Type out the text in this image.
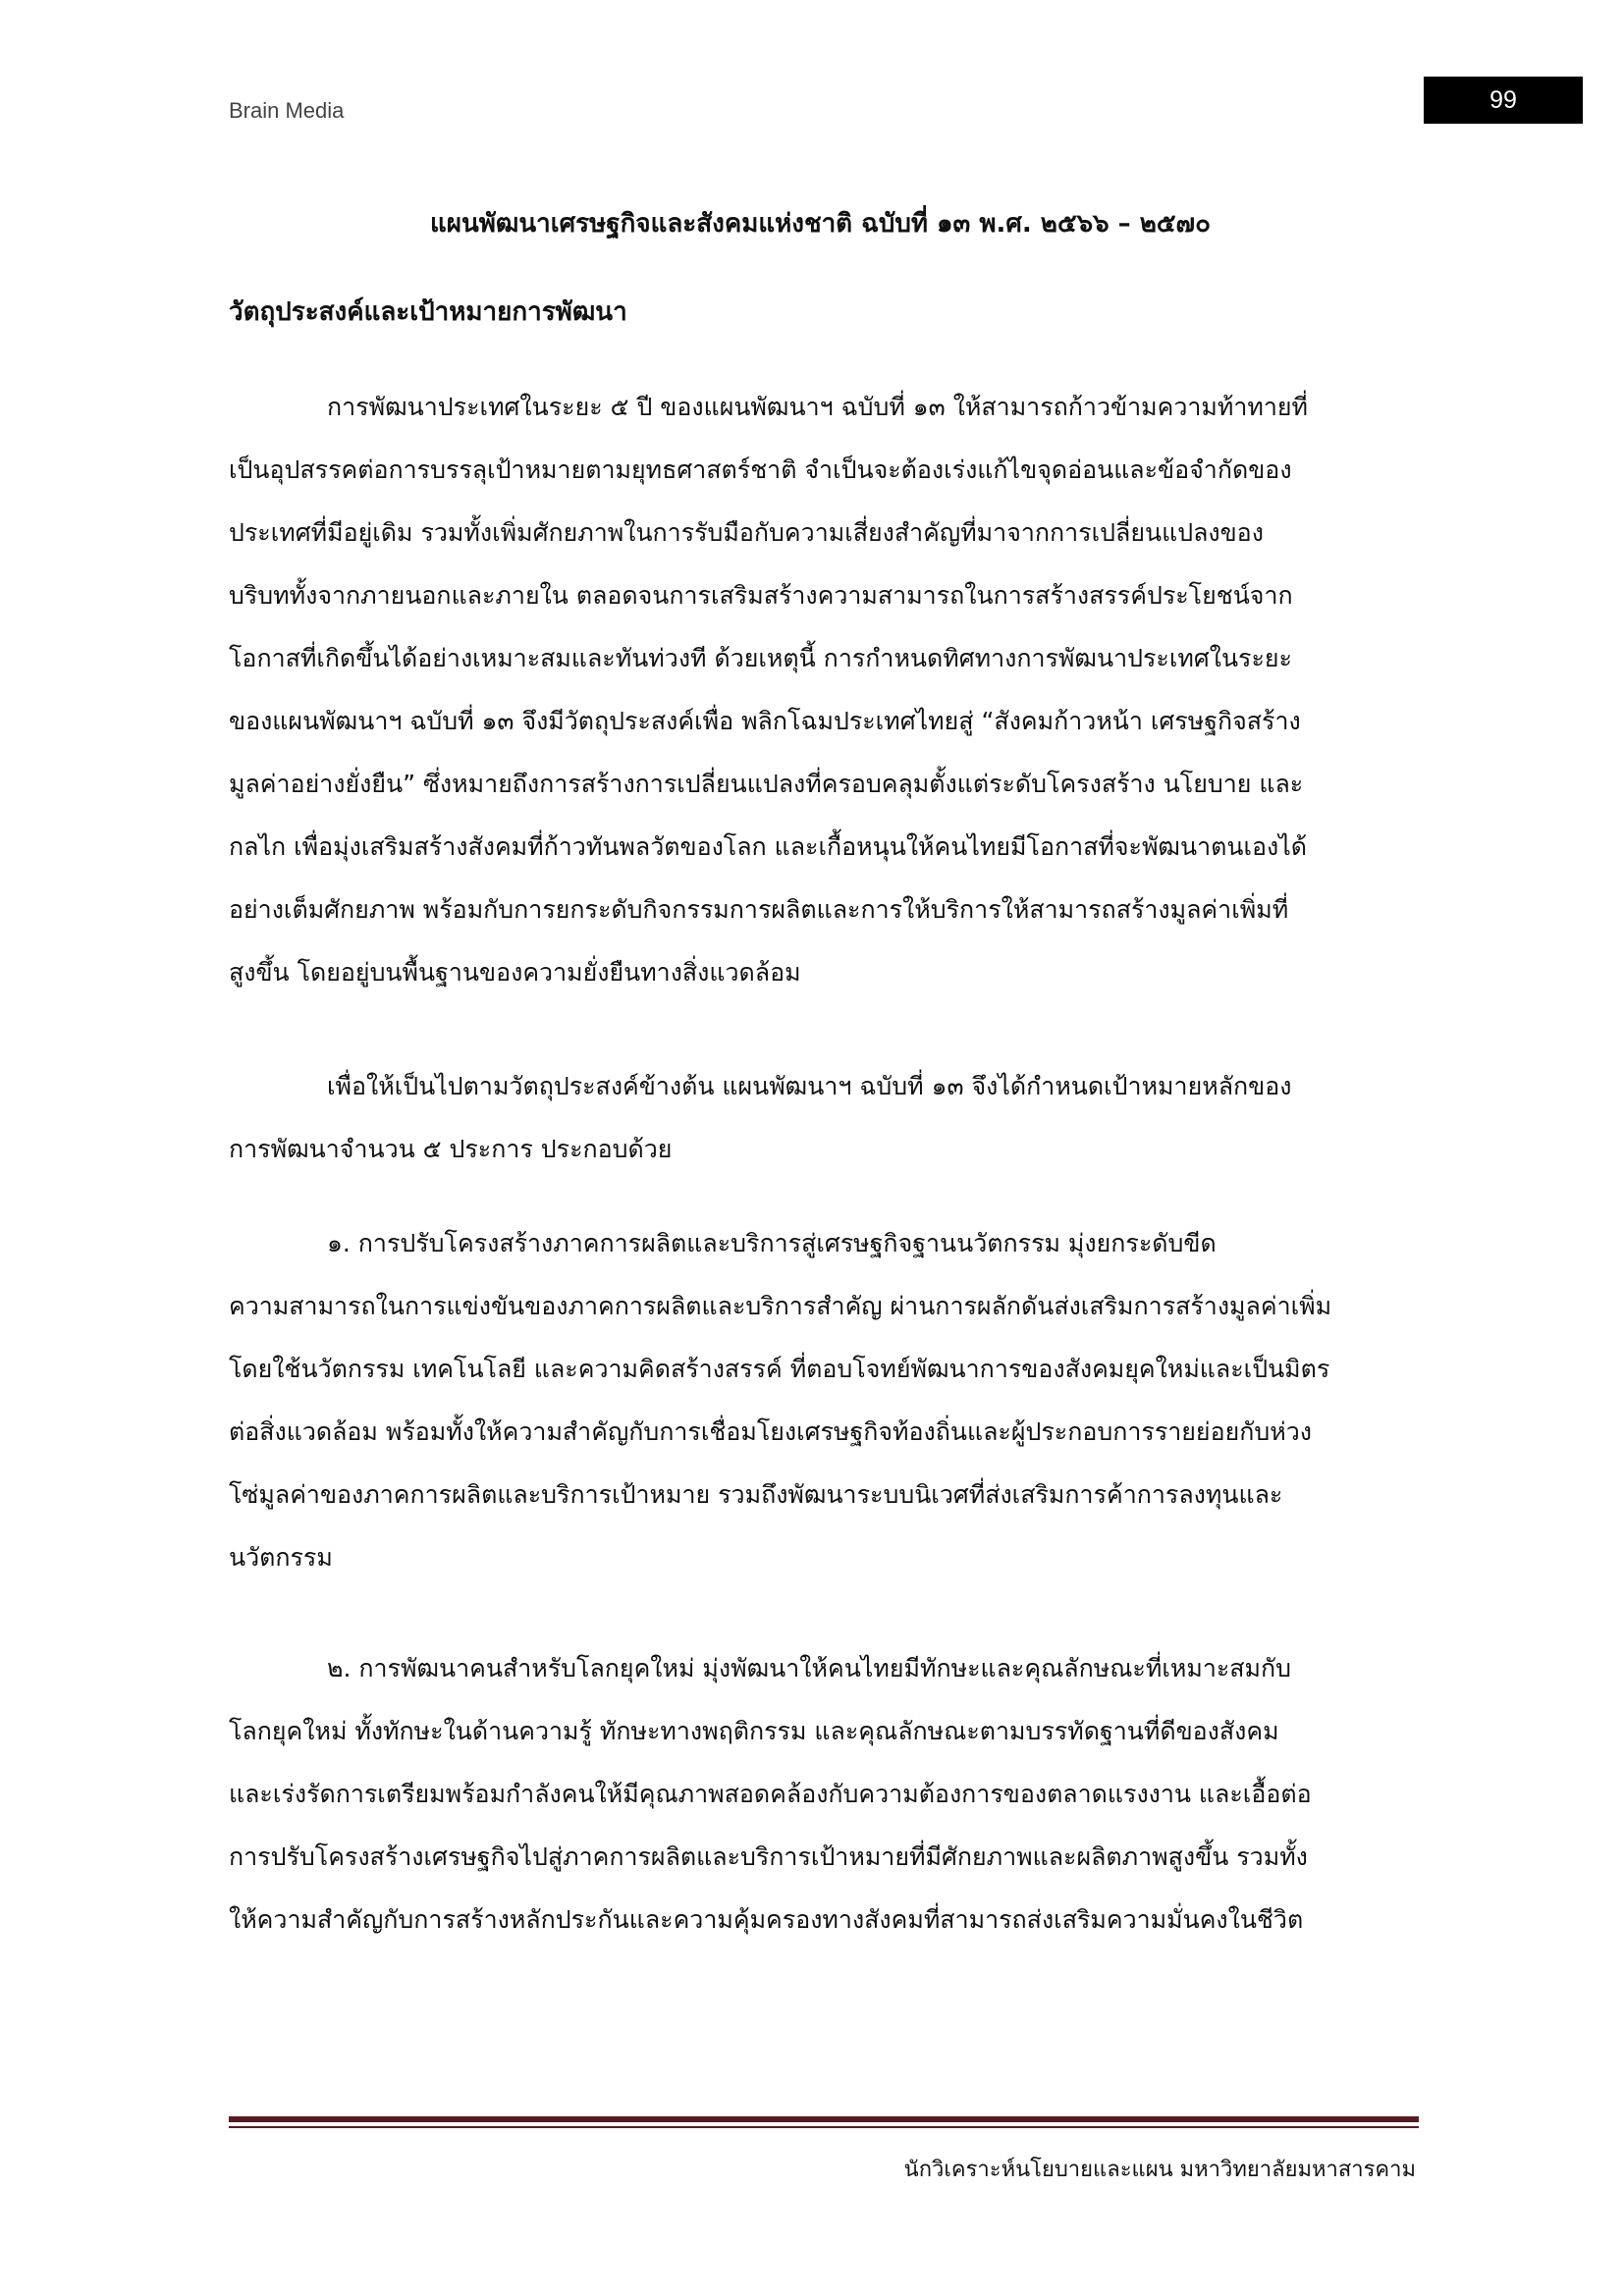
Brain Media	99
แผนพัฒนาเศรษฐกิจและสังคมแห่งชาติ ฉบับที่ ๑๓ พ.ศ. ๒๕๖๖ – ๒๕๗๐
วัตถุประสงค์และเป้าหมายการพัฒนา
การพัฒนาประเทศในระยะ ๕ ปี ของแผนพัฒนาฯ ฉบับที่ ๑๓ ให้สามารถก้าวข้ามความท้าทายที่
เป็นอุปสรรคต่อการบรรลุเป้าหมายตามยุทธศาสตร์ชาติ จำเป็นจะต้องเร่งแก้ไขจุดอ่อนและข้อจำกัดของ
ประเทศที่มีอยู่เดิม รวมทั้งเพิ่มศักยภาพในการรับมือกับความเสี่ยงสำคัญที่มาจากการเปลี่ยนแปลงของ
บริบททั้งจากภายนอกและภายใน ตลอดจนการเสริมสร้างความสามารถในการสร้างสรรค์ประโยชน์จาก
โอกาสที่เกิดขึ้นได้อย่างเหมาะสมและทันท่วงที ด้วยเหตุนี้ การกำหนดทิศทางการพัฒนาประเทศในระยะ
ของแผนพัฒนาฯ ฉบับที่ ๑๓ จึงมีวัตถุประสงค์เพื่อ พลิกโฉมประเทศไทยสู่ “สังคมก้าวหน้า เศรษฐกิจสร้าง
มูลค่าอย่างยั่งยืน” ซึ่งหมายถึงการสร้างการเปลี่ยนแปลงที่ครอบคลุมตั้งแต่ระดับโครงสร้าง นโยบาย และ
กลไก เพื่อมุ่งเสริมสร้างสังคมที่ก้าวทันพลวัตของโลก และเกื้อหนุนให้คนไทยมีโอกาสที่จะพัฒนาตนเองได้
อย่างเต็มศักยภาพ พร้อมกับการยกระดับกิจกรรมการผลิตและการให้บริการให้สามารถสร้างมูลค่าเพิ่มที่
สูงขึ้น โดยอยู่บนพื้นฐานของความยั่งยืนทางสิ่งแวดล้อม
เพื่อให้เป็นไปตามวัตถุประสงค์ข้างต้น แผนพัฒนาฯ ฉบับที่ ๑๓ จึงได้กำหนดเป้าหมายหลักของ
การพัฒนาจำนวน ๕ ประการ ประกอบด้วย
๑. การปรับโครงสร้างภาคการผลิตและบริการสู่เศรษฐกิจฐานนวัตกรรม มุ่งยกระดับขีด
ความสามารถในการแข่งขันของภาคการผลิตและบริการสำคัญ ผ่านการผลักดันส่งเสริมการสร้างมูลค่าเพิ่ม
โดยใช้นวัตกรรม เทคโนโลยี และความคิดสร้างสรรค์ ที่ตอบโจทย์พัฒนาการของสังคมยุคใหม่และเป็นมิตร
ต่อสิ่งแวดล้อม พร้อมทั้งให้ความสำคัญกับการเชื่อมโยงเศรษฐกิจท้องถิ่นและผู้ประกอบการรายย่อยกับห่วง
โซ่มูลค่าของภาคการผลิตและบริการเป้าหมาย รวมถึงพัฒนาระบบนิเวศที่ส่งเสริมการค้าการลงทุนและ
นวัตกรรม
๒. การพัฒนาคนสำหรับโลกยุคใหม่ มุ่งพัฒนาให้คนไทยมีทักษะและคุณลักษณะที่เหมาะสมกับ
โลกยุคใหม่ ทั้งทักษะในด้านความรู้ ทักษะทางพฤติกรรม และคุณลักษณะตามบรรทัดฐานที่ดีของสังคม
และเร่งรัดการเตรียมพร้อมกำลังคนให้มีคุณภาพสอดคล้องกับความต้องการของตลาดแรงงาน และเอื้อต่อ
การปรับโครงสร้างเศรษฐกิจไปสู่ภาคการผลิตและบริการเป้าหมายที่มีศักยภาพและผลิตภาพสูงขึ้น รวมทั้ง
ให้ความสำคัญกับการสร้างหลักประกันและความคุ้มครองทางสังคมที่สามารถส่งเสริมความมั่นคงในชีวิต
นักวิเคราะห์นโยบายและแผน มหาวิทยาลัยมหาสารคาม
